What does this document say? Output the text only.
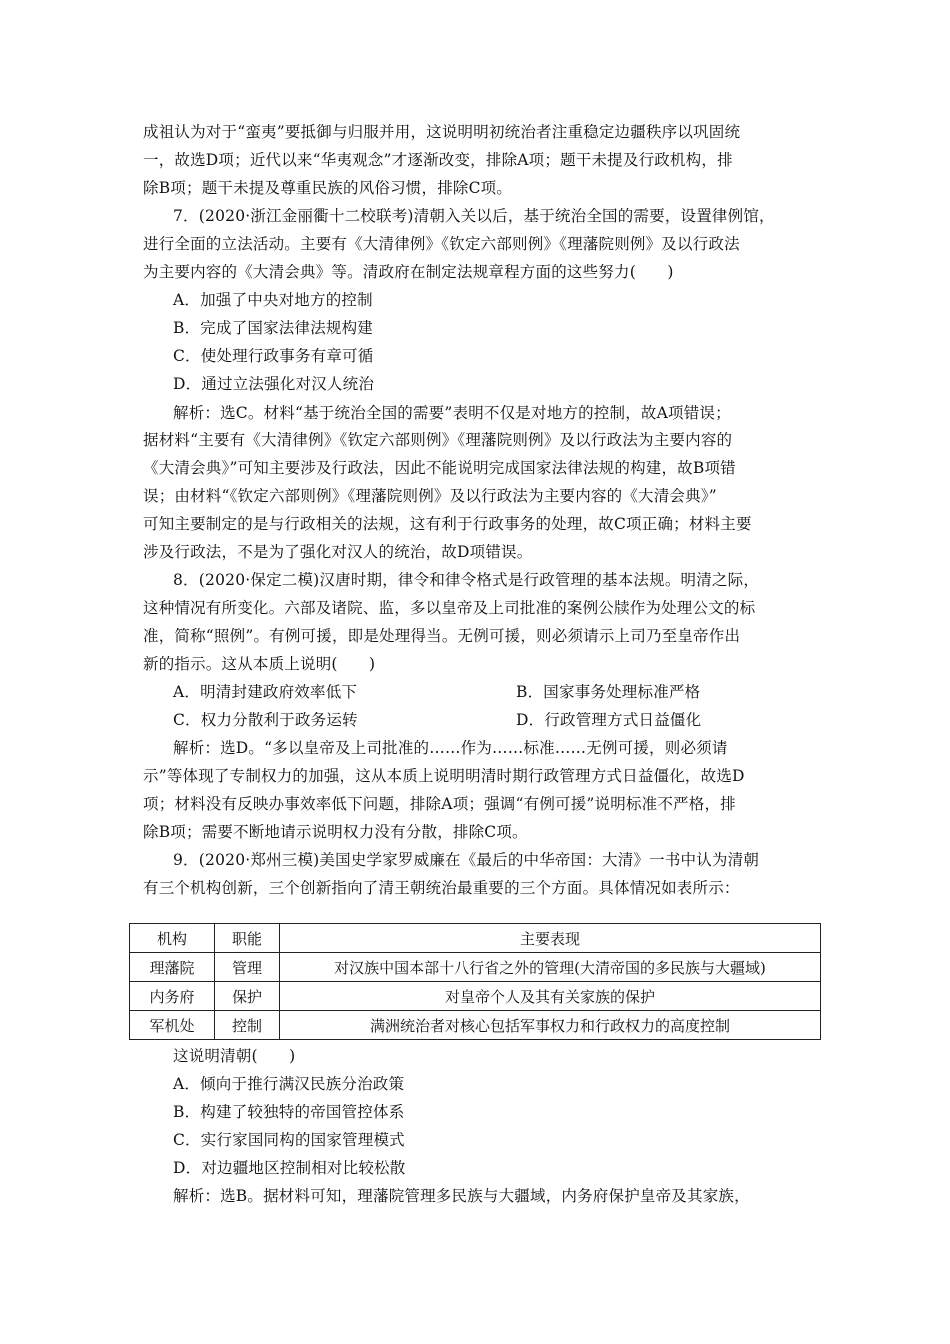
成祖认为对于“蛮夷”要抵御与归服并用，这说明明初统治者注重稳定边疆秩序以巩固统
一，故选D项；近代以来“华夷观念”才逐渐改变，排除A项；题干未提及行政机构，排
除B项；题干未提及尊重民族的风俗习惯，排除C项。
7．(2020·浙江金丽衢十二校联考)清朝入关以后，基于统治全国的需要，设置律例馆，
进行全面的立法活动。主要有《大清律例》《钦定六部则例》《理藩院则例》及以行政法
为主要内容的《大清会典》等。清政府在制定法规章程方面的这些努力(　　)
A．加强了中央对地方的控制
B．完成了国家法律法规构建
C．使处理行政事务有章可循
D．通过立法强化对汉人统治
解析：选C。材料“基于统治全国的需要”表明不仅是对地方的控制，故A项错误；
据材料“主要有《大清律例》《钦定六部则例》《理藩院则例》及以行政法为主要内容的
《大清会典》”可知主要涉及行政法，因此不能说明完成国家法律法规的构建，故B项错
误；由材料“《钦定六部则例》《理藩院则例》及以行政法为主要内容的《大清会典》”
可知主要制定的是与行政相关的法规，这有利于行政事务的处理，故C项正确；材料主要
涉及行政法，不是为了强化对汉人的统治，故D项错误。
8．(2020·保定二模)汉唐时期，律令和律令格式是行政管理的基本法规。明清之际，
这种情况有所变化。六部及诸院、监，多以皇帝及上司批准的案例公牍作为处理公文的标
准，简称“照例”。有例可援，即是处理得当。无例可援，则必须请示上司乃至皇帝作出
新的指示。这从本质上说明(　　)
A．明清封建政府效率低下	B．国家事务处理标准严格
C．权力分散利于政务运转	D．行政管理方式日益僵化
解析：选D。“多以皇帝及上司批准的……作为……标准……无例可援，则必须请
示”等体现了专制权力的加强，这从本质上说明明清时期行政管理方式日益僵化，故选D
项；材料没有反映办事效率低下问题，排除A项；强调“有例可援”说明标准不严格，排
除B项；需要不断地请示说明权力没有分散，排除C项。
9．(2020·郑州三模)美国史学家罗威廉在《最后的中华帝国：大清》一书中认为清朝
有三个机构创新，三个创新指向了清王朝统治最重要的三个方面。具体情况如表所示：
机构	职能	主要表现
理藩院	管理	对汉族中国本部十八行省之外的管理(大清帝国的多民族与大疆域)
内务府	保护	对皇帝个人及其有关家族的保护
军机处	控制	满洲统治者对核心包括军事权力和行政权力的高度控制
这说明清朝(　　)
A．倾向于推行满汉民族分治政策
B．构建了较独特的帝国管控体系
C．实行家国同构的国家管理模式
D．对边疆地区控制相对比较松散
解析：选B。据材料可知，理藩院管理多民族与大疆域，内务府保护皇帝及其家族，
